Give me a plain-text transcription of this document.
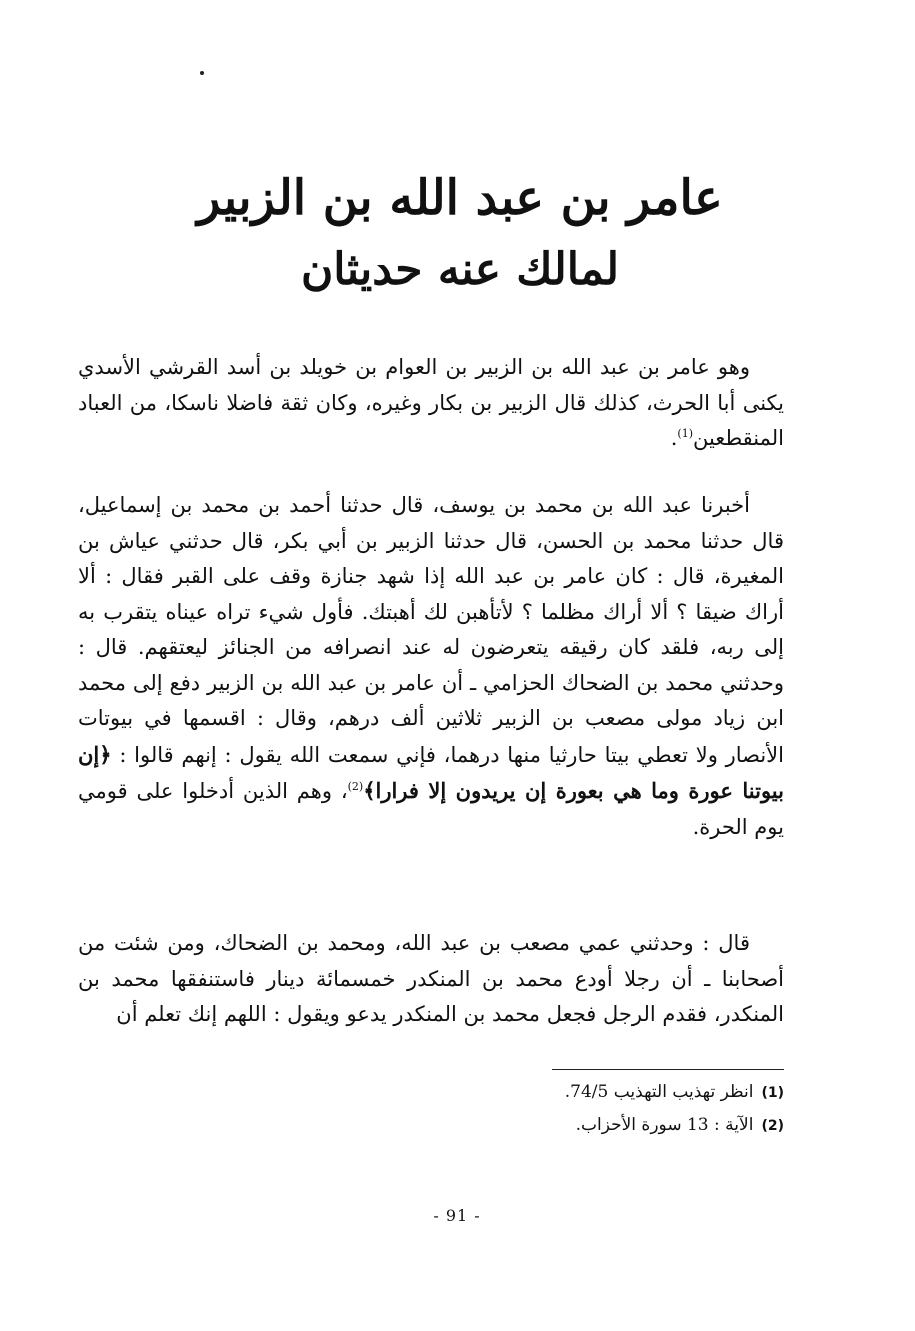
عامر بن عبد الله بن الزبير
لمالك عنه حديثان

وهو عامر بن عبد الله بن الزبير بن العوام بن خويلد بن أسد القرشي الأسدي يكنى أبا الحرث، كذلك قال الزبير بن بكار وغيره، وكان ثقة فاضلا ناسكا، من العباد المنقطعين$^{(1)}$.

أخبرنا عبد الله بن محمد بن يوسف، قال حدثنا أحمد بن محمد بن إسماعيل، قال حدثنا محمد بن الحسن، قال حدثنا الزبير بن أبي بكر، قال حدثني عياش بن المغيرة، قال : كان عامر بن عبد الله إذا شهد جنازة وقف على القبر فقال : ألا أراك ضيقا ؟ ألا أراك مظلما ؟ لأتأهبن لك أهبتك. فأول شيء تراه عيناه يتقرب به إلى ربه، فلقد كان رقيقه يتعرضون له عند انصرافه من الجنائز ليعتقهم. قال : وحدثني محمد بن الضحاك الحزامي ـ أن عامر بن عبد الله بن الزبير دفع إلى محمد ابن زياد مولى مصعب بن الزبير ثلاثين ألف درهم، وقال : اقسمها في بيوتات الأنصار ولا تعطي بيتا حارثيا منها درهما، فإني سمعت الله يقول : إنهم قالوا : ﴿إن بيوتنا عورة وما هي بعورة إن يريدون إلا فرارا﴾$^{(2)}$، وهم الذين أدخلوا على قومي يوم الحرة.

قال : وحدثني عمي مصعب بن عبد الله، ومحمد بن الضحاك، ومن شئت من أصحابنا ـ أن رجلا أودع محمد بن المنكدر خمسمائة دينار فاستنفقها محمد بن المنكدر، فقدم الرجل فجعل محمد بن المنكدر يدعو ويقول : اللهم إنك تعلم أن

(1)انظر تهذيب التهذيب 74/5.
(2)الآية : 13 سورة الأحزاب.
- 91 -
